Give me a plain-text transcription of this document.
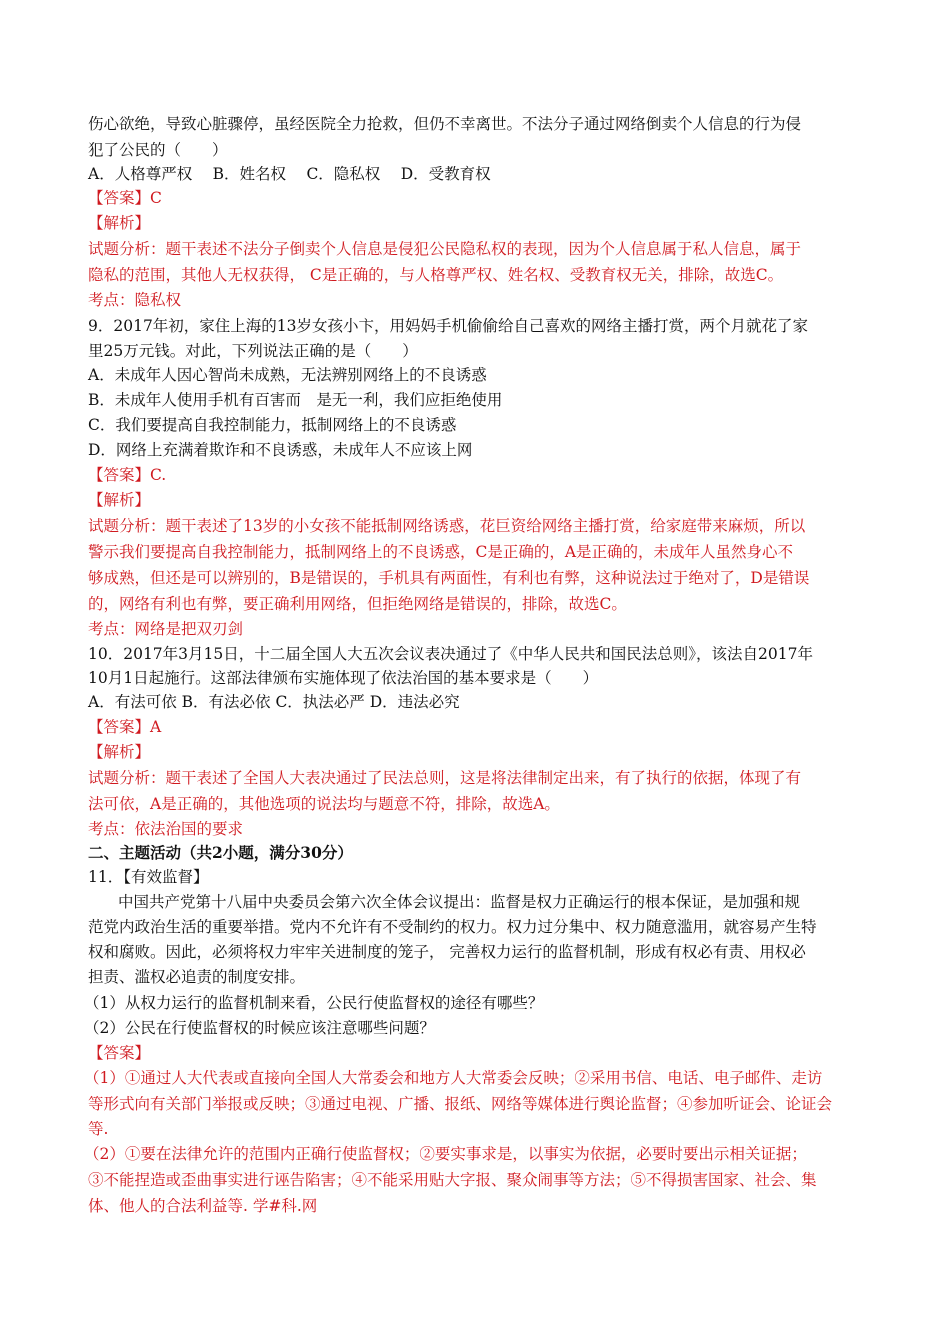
伤心欲绝，导致心脏骤停，虽经医院全力抢救，但仍不幸离世。不法分子通过网络倒卖个人信息的行为侵
犯了公民的（　　）
A．人格尊严权　 B．姓名权　 C．隐私权　 D．受教育权
【答案】C
【解析】
试题分析：题干表述不法分子倒卖个人信息是侵犯公民隐私权的表现，因为个人信息属于私人信息，属于
隐私的范围，其他人无权获得， C是正确的，与人格尊严权、姓名权、受教育权无关，排除，故选C。
考点：隐私权
9．2017年初，家住上海的13岁女孩小卞，用妈妈手机偷偷给自己喜欢的网络主播打赏，两个月就花了家
里25万元钱。对此，下列说法正确的是（　　）
A．未成年人因心智尚未成熟，无法辨别网络上的不良诱惑
B．未成年人使用手机有百害而　是无一利，我们应拒绝使用
C．我们要提高自我控制能力，抵制网络上的不良诱惑
D．网络上充满着欺诈和不良诱惑，未成年人不应该上网
【答案】C.
【解析】
试题分析：题干表述了13岁的小女孩不能抵制网络诱惑，花巨资给网络主播打赏，给家庭带来麻烦，所以
警示我们要提高自我控制能力，抵制网络上的不良诱惑，C是正确的，A是正确的，未成年人虽然身心不
够成熟，但还是可以辨别的，B是错误的，手机具有两面性，有利也有弊，这种说法过于绝对了，D是错误
的，网络有利也有弊，要正确利用网络，但拒绝网络是错误的，排除，故选C。
考点：网络是把双刃剑
10．2017年3月15日，十二届全国人大五次会议表决通过了《中华人民共和国民法总则》，该法自2017年
10月1日起施行。这部法律颁布实施体现了依法治国的基本要求是（　　）
A．有法可依 B．有法必依 C．执法必严 D．违法必究
【答案】A
【解析】
试题分析：题干表述了全国人大表决通过了民法总则，这是将法律制定出来，有了执行的依据，体现了有
法可依，A是正确的，其他选项的说法均与题意不符，排除，故选A。
考点：依法治国的要求
二、主题活动（共2小题，满分30分）
11．【有效监督】
中国共产党第十八届中央委员会第六次全体会议提出：监督是权力正确运行的根本保证，是加强和规
范党内政治生活的重要举措。党内不允许有不受制约的权力。权力过分集中、权力随意滥用，就容易产生特
权和腐败。因此，必须将权力牢牢关进制度的笼子， 完善权力运行的监督机制，形成有权必有责、用权必
担责、滥权必追责的制度安排。
（1）从权力运行的监督机制来看，公民行使监督权的途径有哪些？
（2）公民在行使监督权的时候应该注意哪些问题？
【答案】
（1）①通过人大代表或直接向全国人大常委会和地方人大常委会反映；②采用书信、电话、电子邮件、走访
等形式向有关部门举报或反映；③通过电视、广播、报纸、网络等媒体进行舆论监督；④参加听证会、论证会
等.
（2）①要在法律允许的范围内正确行使监督权；②要实事求是，以事实为依据，必要时要出示相关证据；
③不能捏造或歪曲事实进行诬告陷害；④不能采用贴大字报、聚众闹事等方法；⑤不得损害国家、社会、集
体、他人的合法利益等. 学#科.网
